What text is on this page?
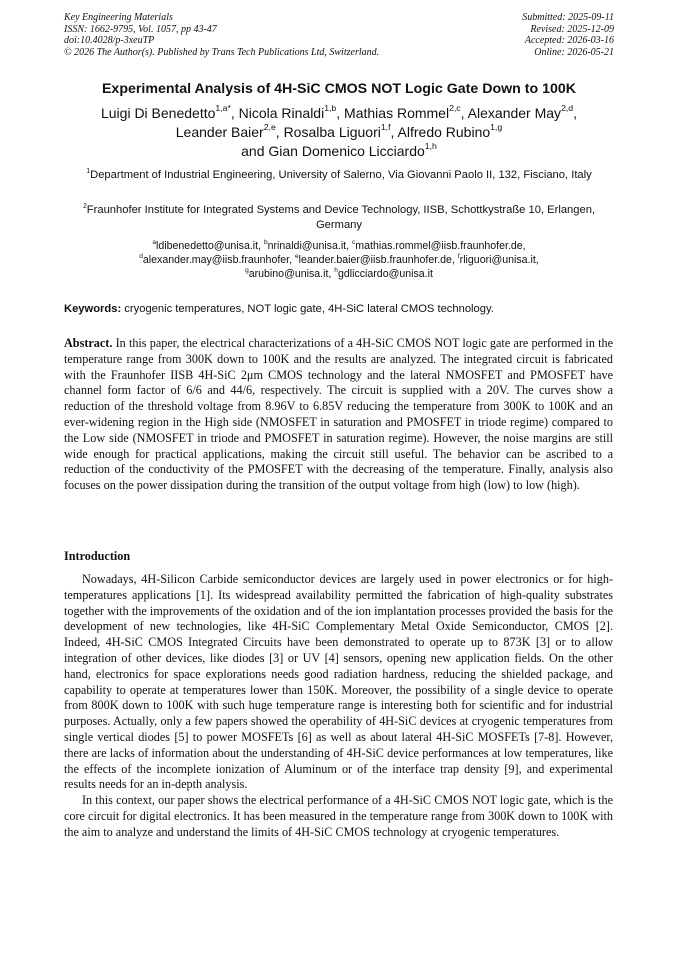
Key Engineering Materials
ISSN: 1662-9795, Vol. 1057, pp 43-47
doi:10.4028/p-3xeuTP
© 2026 The Author(s). Published by Trans Tech Publications Ltd, Switzerland.
Submitted: 2025-09-11
Revised: 2025-12-09
Accepted: 2026-03-16
Online: 2026-05-21
Experimental Analysis of 4H-SiC CMOS NOT Logic Gate Down to 100K
Luigi Di Benedetto$^{1,a*}$, Nicola Rinaldi$^{1,b}$, Mathias Rommel$^{2,c}$, Alexander May$^{2,d}$,
Leander Baier$^{2,e}$, Rosalba Liguori$^{1,f}$, Alfredo Rubino$^{1,g}$
and Gian Domenico Licciardo$^{1,h}$
$^1$Department of Industrial Engineering, University of Salerno, Via Giovanni Paolo II, 132, Fisciano, Italy
$^2$Fraunhofer Institute for Integrated Systems and Device Technology, IISB, Schottkystraße 10, Erlangen, Germany
$^a$ldibenedetto@unisa.it, $^b$nrinaldi@unisa.it, $^c$mathias.rommel@iisb.fraunhofer.de,
$^d$alexander.may@iisb.fraunhofer, $^e$leander.baier@iisb.fraunhofer.de, $^f$rliguori@unisa.it,
$^g$arubino@unisa.it, $^h$gdlicciardo@unisa.it
Keywords: cryogenic temperatures, NOT logic gate, 4H-SiC lateral CMOS technology.

Abstract. In this paper, the electrical characterizations of a 4H-SiC CMOS NOT logic gate are performed in the temperature range from 300K down to 100K and the results are analyzed. The integrated circuit is fabricated with the Fraunhofer IISB 4H-SiC 2μm CMOS technology and the lateral NMOSFET and PMOSFET have channel form factor of 6/6 and 44/6, respectively. The circuit is supplied with a 20V. The curves show a reduction of the threshold voltage from 8.96V to 6.85V reducing the temperature from 300K to 100K and an ever-widening region in the High side (NMOSFET in saturation and PMOSFET in triode regime) compared to the Low side (NMOSFET in triode and PMOSFET in saturation regime). However, the noise margins are still wide enough for practical applications, making the circuit still useful. The behavior can be ascribed to a reduction of the conductivity of the PMOSFET with the decreasing of the temperature. Finally, analysis also focuses on the power dissipation during the transition of the output voltage from high (low) to low (high).

Introduction

Nowadays, 4H-Silicon Carbide semiconductor devices are largely used in power electronics or for high-temperatures applications [1]. Its widespread availability permitted the fabrication of high-quality substrates together with the improvements of the oxidation and of the ion implantation processes provided the basis for the development of new technologies, like 4H-SiC Complementary Metal Oxide Semiconductor, CMOS [2]. Indeed, 4H-SiC CMOS Integrated Circuits have been demonstrated to operate up to 873K [3] or to allow integration of other devices, like diodes [3] or UV [4] sensors, opening new application fields. On the other hand, electronics for space explorations needs good radiation hardness, reducing the shielded package, and capability to operate at temperatures lower than 150K. Moreover, the possibility of a single device to operate from 800K down to 100K with such huge temperature range is interesting both for scientific and for industrial purposes. Actually, only a few papers showed the operability of 4H-SiC devices at cryogenic temperatures from single vertical diodes [5] to power MOSFETs [6] as well as about lateral 4H-SiC MOSFETs [7-8]. However, there are lacks of information about the understanding of 4H-SiC device performances at low temperatures, like the effects of the incomplete ionization of Aluminum or of the interface trap density [9], and experimental results needs for an in-depth analysis.

In this context, our paper shows the electrical performance of a 4H-SiC CMOS NOT logic gate, which is the core circuit for digital electronics. It has been measured in the temperature range from 300K down to 100K with the aim to analyze and understand the limits of 4H-SiC CMOS technology at cryogenic temperatures.
